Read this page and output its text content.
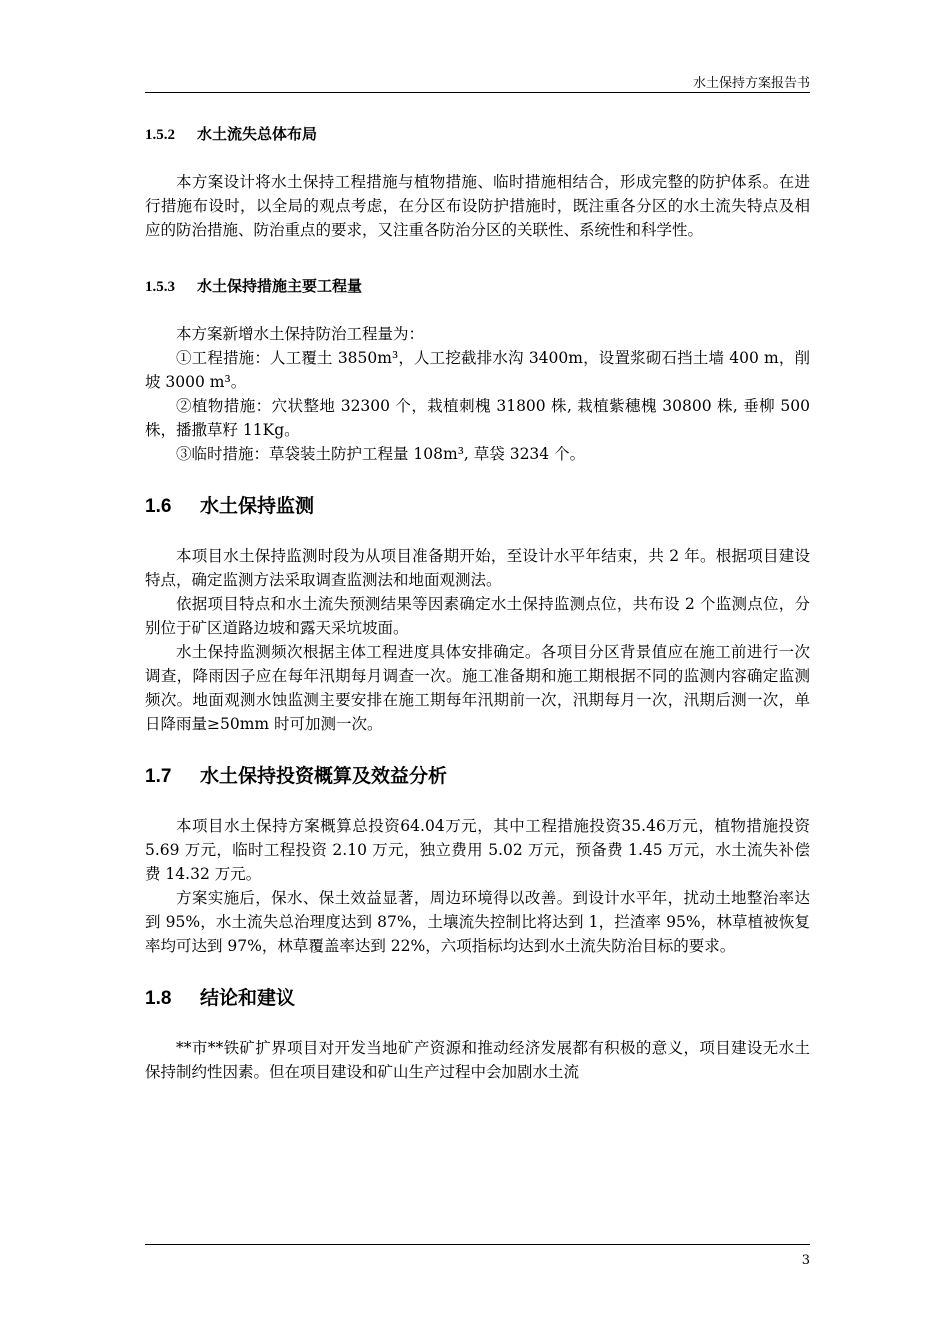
水土保持方案报告书
1.5.2 水土流失总体布局

本方案设计将水土保持工程措施与植物措施、临时措施相结合，形成完整的防护体系。在进行措施布设时，以全局的观点考虑，在分区布设防护措施时，既注重各分区的水土流失特点及相应的防治措施、防治重点的要求，又注重各防治分区的关联性、系统性和科学性。

1.5.3 水土保持措施主要工程量

本方案新增水土保持防治工程量为：

①工程措施：人工覆土 3850m³，人工挖截排水沟 3400m，设置浆砌石挡土墙 400 m，削坡 3000 m³。

②植物措施：穴状整地 32300 个，栽植刺槐 31800 株, 栽植紫穗槐 30800 株, 垂柳 500 株，播撒草籽 11Kg。

③临时措施：草袋装土防护工程量 108m³, 草袋 3234 个。

1.6 水土保持监测

本项目水土保持监测时段为从项目准备期开始，至设计水平年结束，共 2 年。根据项目建设特点，确定监测方法采取调查监测法和地面观测法。

依据项目特点和水土流失预测结果等因素确定水土保持监测点位，共布设 2 个监测点位，分别位于矿区道路边坡和露天采坑坡面。

水土保持监测频次根据主体工程进度具体安排确定。各项目分区背景值应在施工前进行一次调查，降雨因子应在每年汛期每月调查一次。施工准备期和施工期根据不同的监测内容确定监测频次。地面观测水蚀监测主要安排在施工期每年汛期前一次，汛期每月一次，汛期后测一次，单日降雨量≥50mm 时可加测一次。

1.7 水土保持投资概算及效益分析

本项目水土保持方案概算总投资64.04万元，其中工程措施投资35.46万元，植物措施投资 5.69 万元，临时工程投资 2.10 万元，独立费用 5.02 万元，预备费 1.45 万元，水土流失补偿费 14.32 万元。

方案实施后，保水、保土效益显著，周边环境得以改善。到设计水平年，扰动土地整治率达到 95%，水土流失总治理度达到 87%，土壤流失控制比将达到 1，拦渣率 95%，林草植被恢复率均可达到 97%，林草覆盖率达到 22%，六项指标均达到水土流失防治目标的要求。

1.8 结论和建议

**市**铁矿扩界项目对开发当地矿产资源和推动经济发展都有积极的意义，项目建设无水土保持制约性因素。但在项目建设和矿山生产过程中会加剧水土流

3
